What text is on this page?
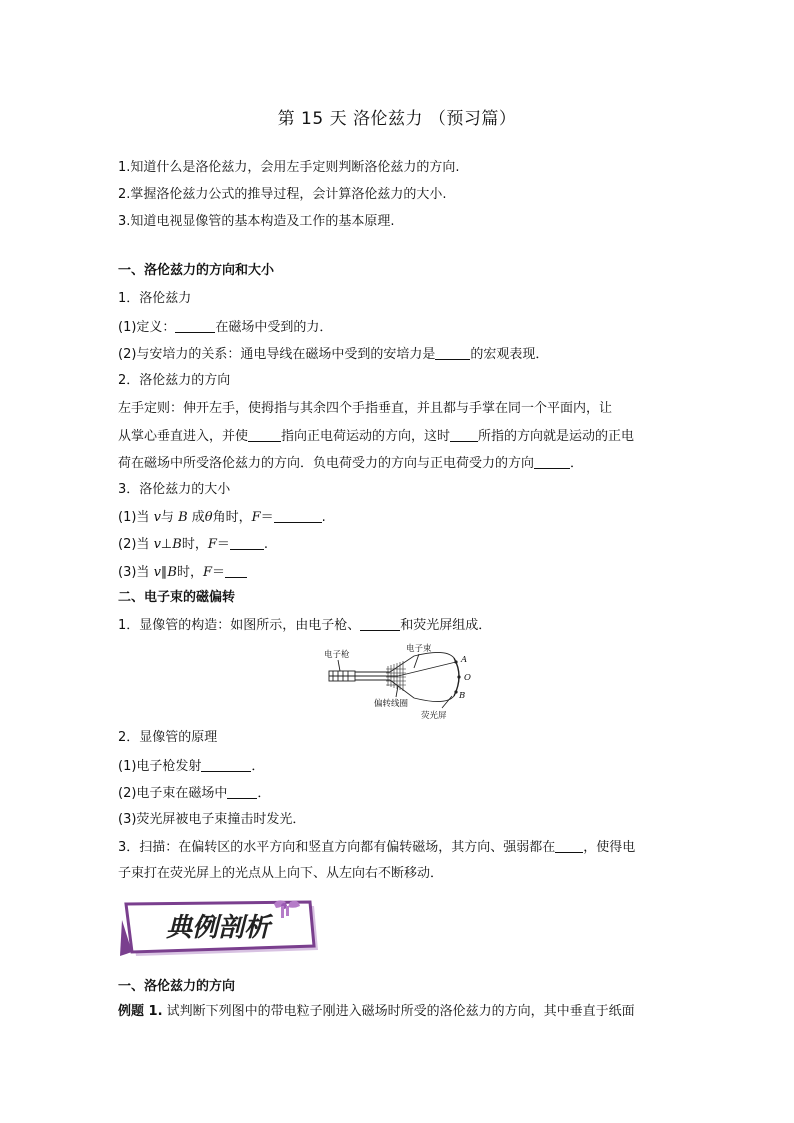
第 15 天 洛伦兹力 （预习篇）
1.知道什么是洛伦兹力，会用左手定则判断洛伦兹力的方向.
2.掌握洛伦兹力公式的推导过程，会计算洛伦兹力的大小.
3.知道电视显像管的基本构造及工作的基本原理.
一、洛伦兹力的方向和大小
1．洛伦兹力
(1)定义：	在磁场中受到的力．
(2)与安培力的关系：通电导线在磁场中受到的安培力是	的宏观表现．
2．洛伦兹力的方向
左手定则：伸开左手，使拇指与其余四个手指垂直，并且都与手掌在同一个平面内，让
从掌心垂直进入，并使	指向正电荷运动的方向，这时 所指的方向就是运动的正电
荷在磁场中所受洛伦兹力的方向．负电荷受力的方向与正电荷受力的方向	．
3．洛伦兹力的大小
(1)当 v与 B 成θ角时，F＝	.
(2)当 v⊥B时，F＝	.
(3)当 v∥B时，F＝
二、电子束的磁偏转
1．显像管的构造：如图所示，由电子枪、	和荧光屏组成．
电子枪
电子束
偏转线圈
荧光屏
A
O
B
2．显像管的原理
(1)电子枪发射	．
(2)电子束在磁场中 ．
(3)荧光屏被电子束撞击时发光．
3．扫描：在偏转区的水平方向和竖直方向都有偏转磁场，其方向、强弱都在 ，使得电
子束打在荧光屏上的光点从上向下、从左向右不断移动．
典例剖析
一、洛伦兹力的方向
例题 1. 试判断下列图中的带电粒子刚进入磁场时所受的洛伦兹力的方向，其中垂直于纸面
